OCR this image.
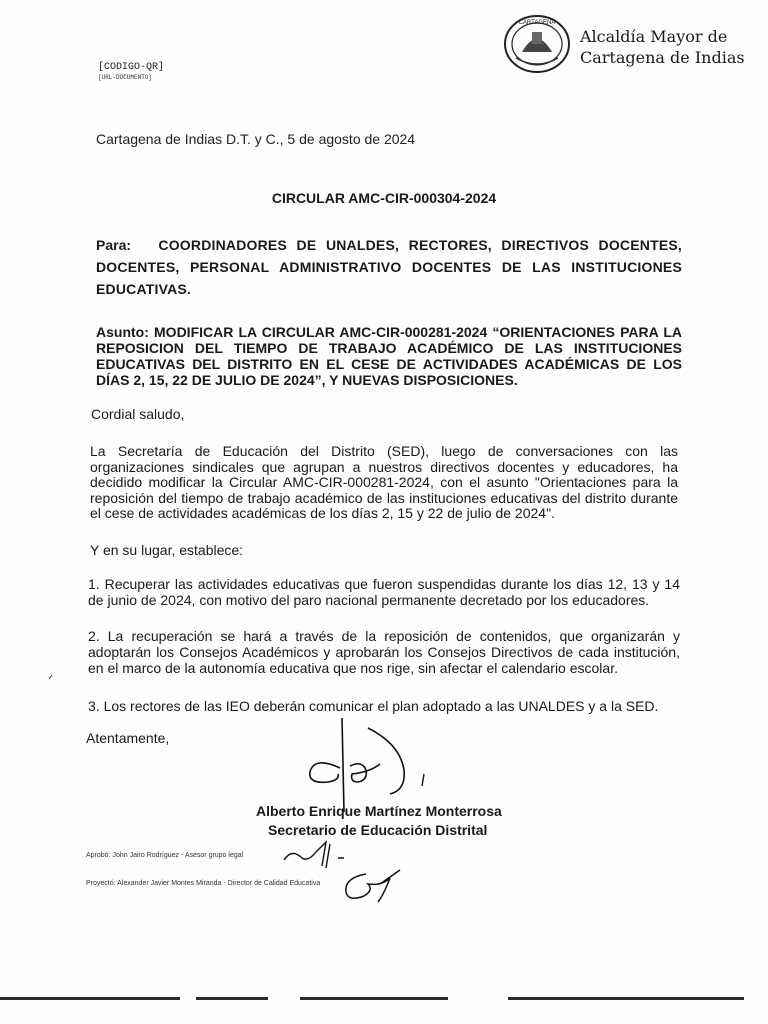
CARTAGENA
Alcaldía Mayor de
Cartagena de Indias
[CODIGO-QR]
[URL-DOCUMENTO]
Cartagena de Indias D.T. y C., 5 de agosto de 2024
CIRCULAR AMC-CIR-000304-2024
Para: COORDINADORES DE UNALDES, RECTORES, DIRECTIVOS DOCENTES, DOCENTES, PERSONAL ADMINISTRATIVO DOCENTES DE LAS INSTITUCIONES EDUCATIVAS.
Asunto: MODIFICAR LA CIRCULAR AMC-CIR-000281-2024 “ORIENTACIONES PARA LA REPOSICION DEL TIEMPO DE TRABAJO ACADÉMICO DE LAS INSTITUCIONES EDUCATIVAS DEL DISTRITO EN EL CESE DE ACTIVIDADES ACADÉMICAS DE LOS DÍAS 2, 15, 22 DE JULIO DE 2024”, Y NUEVAS DISPOSICIONES.
Cordial saludo,
La Secretaría de Educación del Distrito (SED), luego de conversaciones con las organizaciones sindicales que agrupan a nuestros directivos docentes y educadores, ha decidido modificar la Circular AMC-CIR-000281-2024, con el asunto "Orientaciones para la reposición del tiempo de trabajo académico de las instituciones educativas del distrito durante el cese de actividades académicas de los días 2, 15 y 22 de julio de 2024".
Y en su lugar, establece:
1. Recuperar las actividades educativas que fueron suspendidas durante los días 12, 13 y 14 de junio de 2024, con motivo del paro nacional permanente decretado por los educadores.
2. La recuperación se hará a través de la reposición de contenidos, que organizarán y adoptarán los Consejos Académicos y aprobarán los Consejos Directivos de cada institución, en el marco de la autonomía educativa que nos rige, sin afectar el calendario escolar.
3. Los rectores de las IEO deberán comunicar el plan adoptado a las UNALDES y a la SED.
Atentamente,
Alberto Enrique Martínez Monterrosa
Secretario de Educación Distrital
Aprobó: John Jairo Rodríguez - Asesor grupo legal
Proyectó: Alexander Javier Montes Miranda - Director de Calidad Educativa
